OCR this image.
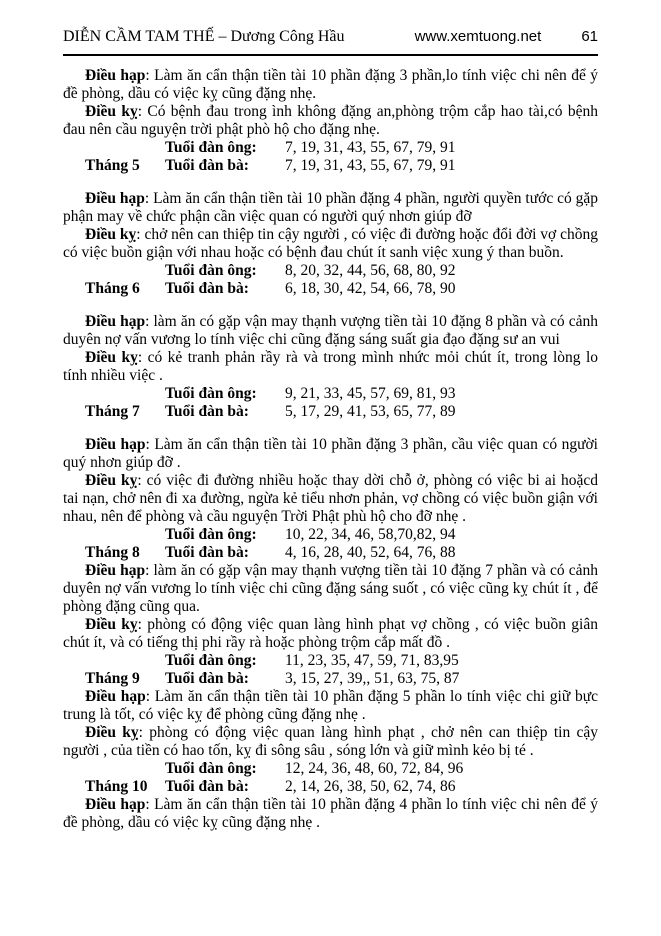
DIỄN CẦM TAM THẾ – Dương Công Hầu	www.xemtuong.net	61

Điều hạp: Làm ăn cẩn thận tiền tài 10 phần đặng 3 phần,lo tính việc chi nên để ý đề phòng, dầu có việc kỵ cũng đặng nhẹ.

Điều kỵ: Có bệnh đau trong ình không đặng an,phòng trộm cắp hao tài,có bệnh đau nên cầu nguyện trời phật phò hộ cho đặng nhẹ.

Tuổi đàn ông:	7, 19, 31, 43, 55, 67, 79, 91
Tháng 5	Tuổi đàn bà:	7, 19, 31, 43, 55, 67, 79, 91

Điều hạp: Làm ăn cẩn thận tiền tài 10 phần đặng 4 phần, người quyền tước có gặp phận may về chức phận cần việc quan có người quý nhơn giúp đỡ

Điều kỵ: chở nên can thiệp tin cậy người , có việc đi đường hoặc đổi đời vợ chồng có việc buồn giận với nhau hoặc có bệnh đau chút ít sanh việc xung ý than buồn.

Tuổi đàn ông:	8, 20, 32, 44, 56, 68, 80, 92
Tháng 6	Tuổi đàn bà:	6, 18, 30, 42, 54, 66, 78, 90

Điều hạp: làm ăn có gặp vận may thạnh vượng tiền tài 10 đặng 8 phần và có cảnh duyên nợ vấn vương lo tính việc chi cũng đặng sáng suất gia đạo đặng sư an vui

Điều kỵ: có kẻ tranh phản rầy rà và trong mình nhức mỏi chút ít, trong lòng lo tính nhiều việc .

Tuổi đàn ông:	9, 21, 33, 45, 57, 69, 81, 93
Tháng 7	Tuổi đàn bà:	5, 17, 29, 41, 53, 65, 77, 89

Điều hạp: Làm ăn cẩn thận tiền tài 10 phần đặng 3 phần, cầu việc quan có người quý nhơn giúp đỡ .

Điều kỵ: có việc đi đường nhiều hoặc thay dời chỗ ở, phòng có việc bi ai hoặcd tai nạn, chở nên đi xa đường, ngừa kẻ tiểu nhơn phản, vợ chồng có việc buồn giận với nhau, nên để phòng và cầu nguyện Trời Phật phù hộ cho đỡ nhẹ .

Tuổi đàn ông:	10, 22, 34, 46, 58,70,82, 94
Tháng 8	Tuổi đàn bà:	4, 16, 28, 40, 52, 64, 76, 88

Điều hạp: làm ăn có gặp vận may thạnh vượng tiền tài 10 đặng 7 phần và có cảnh duyên nợ vấn vương lo tính việc chi cũng đặng sáng suốt , có việc cũng kỵ chút ít , để phòng đặng cũng qua.

Điều kỵ: phòng có động việc quan làng hình phạt vợ chồng , có việc buồn giân chút ít, và có tiếng thị phi rầy rà hoặc phòng trộm cắp mất đồ .

Tuổi đàn ông:	11, 23, 35, 47, 59, 71, 83,95
Tháng 9	Tuổi đàn bà:	3, 15, 27, 39,, 51, 63, 75, 87

Điều hạp: Làm ăn cẩn thận tiền tài 10 phần đặng 5 phần lo tính việc chi giữ bực trung là tốt, có việc kỵ để phòng cũng đặng nhẹ .

Điều kỵ: phòng có động việc quan làng hình phạt , chở nên can thiệp tin cậy người , của tiền có hao tốn, kỵ đi sông sâu , sóng lớn và giữ mình kẻo bị té .

Tuổi đàn ông:	12, 24, 36, 48, 60, 72, 84, 96
Tháng 10	Tuổi đàn bà:	2, 14, 26, 38, 50, 62, 74, 86

Điều hạp: Làm ăn cẩn thận tiền tài 10 phần đặng 4 phần lo tính việc chi nên để ý đề phòng, dầu có việc kỵ cũng đặng nhẹ .
